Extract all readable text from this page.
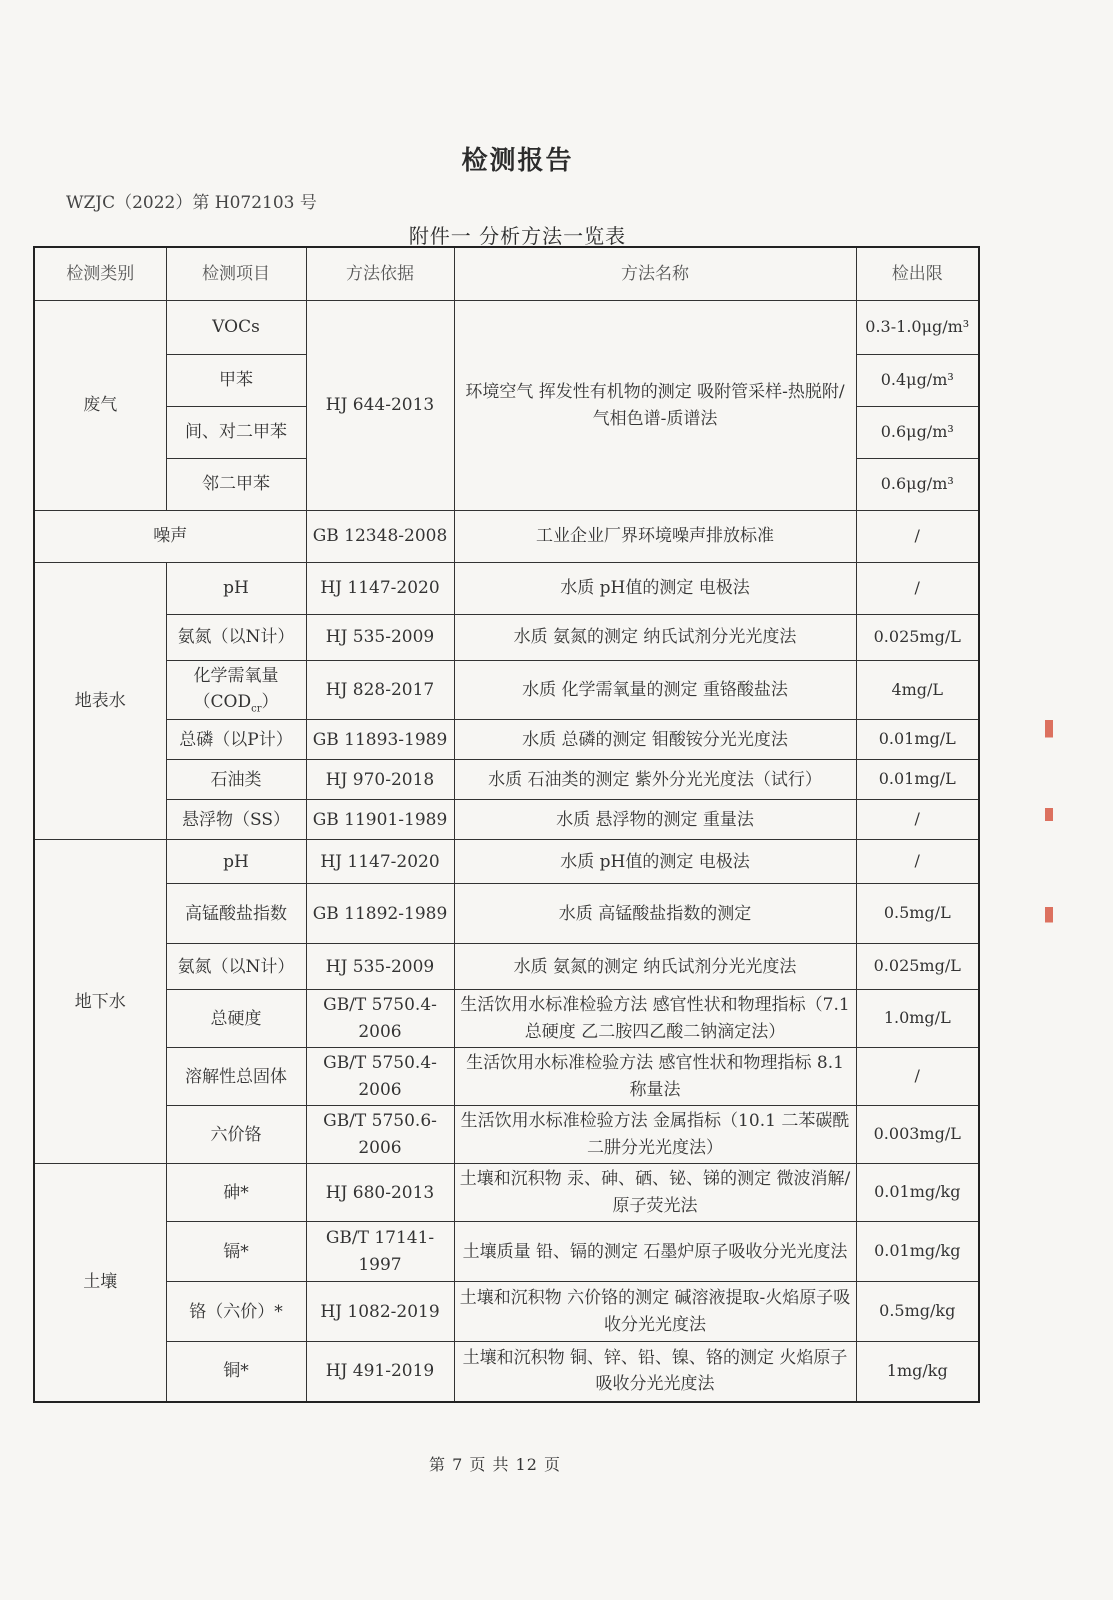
检测报告
WZJC（2022）第 H072103 号
附件一 分析方法一览表
检测类别	检测项目	方法依据	方法名称	检出限
废气	VOCs	HJ 644-2013	环境空气 挥发性有机物的测定 吸附管采样-热脱附/气相色谱-质谱法	0.3-1.0μg/m³
	甲苯			0.4μg/m³
	间、对二甲苯			0.6μg/m³
	邻二甲苯			0.6μg/m³
噪声		GB 12348-2008	工业企业厂界环境噪声排放标准	/
地表水	pH	HJ 1147-2020	水质 pH值的测定 电极法	/
	氨氮（以N计）	HJ 535-2009	水质 氨氮的测定 纳氏试剂分光光度法	0.025mg/L
	化学需氧量$(COD_{cr})$	HJ 828-2017	水质 化学需氧量的测定 重铬酸盐法	4mg/L
	总磷（以P计）	GB 11893-1989	水质 总磷的测定 钼酸铵分光光度法	0.01mg/L
	石油类	HJ 970-2018	水质 石油类的测定 紫外分光光度法（试行）	0.01mg/L
	悬浮物（SS）	GB 11901-1989	水质 悬浮物的测定 重量法	/
地下水	pH	HJ 1147-2020	水质 pH值的测定 电极法	/
	高锰酸盐指数	GB 11892-1989	水质 高锰酸盐指数的测定	0.5mg/L
	氨氮（以N计）	HJ 535-2009	水质 氨氮的测定 纳氏试剂分光光度法	0.025mg/L
	总硬度	GB/T 5750.4-2006	生活饮用水标准检验方法 感官性状和物理指标（7.1 总硬度 乙二胺四乙酸二钠滴定法）	1.0mg/L
	溶解性总固体	GB/T 5750.4-2006	生活饮用水标准检验方法 感官性状和物理指标 8.1 称量法	/
	六价铬	GB/T 5750.6-2006	生活饮用水标准检验方法 金属指标（10.1 二苯碳酰二肼分光光度法）	0.003mg/L
土壤	砷*	HJ 680-2013	土壤和沉积物 汞、砷、硒、铋、锑的测定 微波消解/原子荧光法	0.01mg/kg
	镉*	GB/T 17141-1997	土壤质量 铅、镉的测定 石墨炉原子吸收分光光度法	0.01mg/kg
	铬（六价）*	HJ 1082-2019	土壤和沉积物 六价铬的测定 碱溶液提取-火焰原子吸收分光光度法	0.5mg/kg
	铜*	HJ 491-2019	土壤和沉积物 铜、锌、铅、镍、铬的测定 火焰原子吸收分光光度法	1mg/kg
第 7 页 共 12 页
